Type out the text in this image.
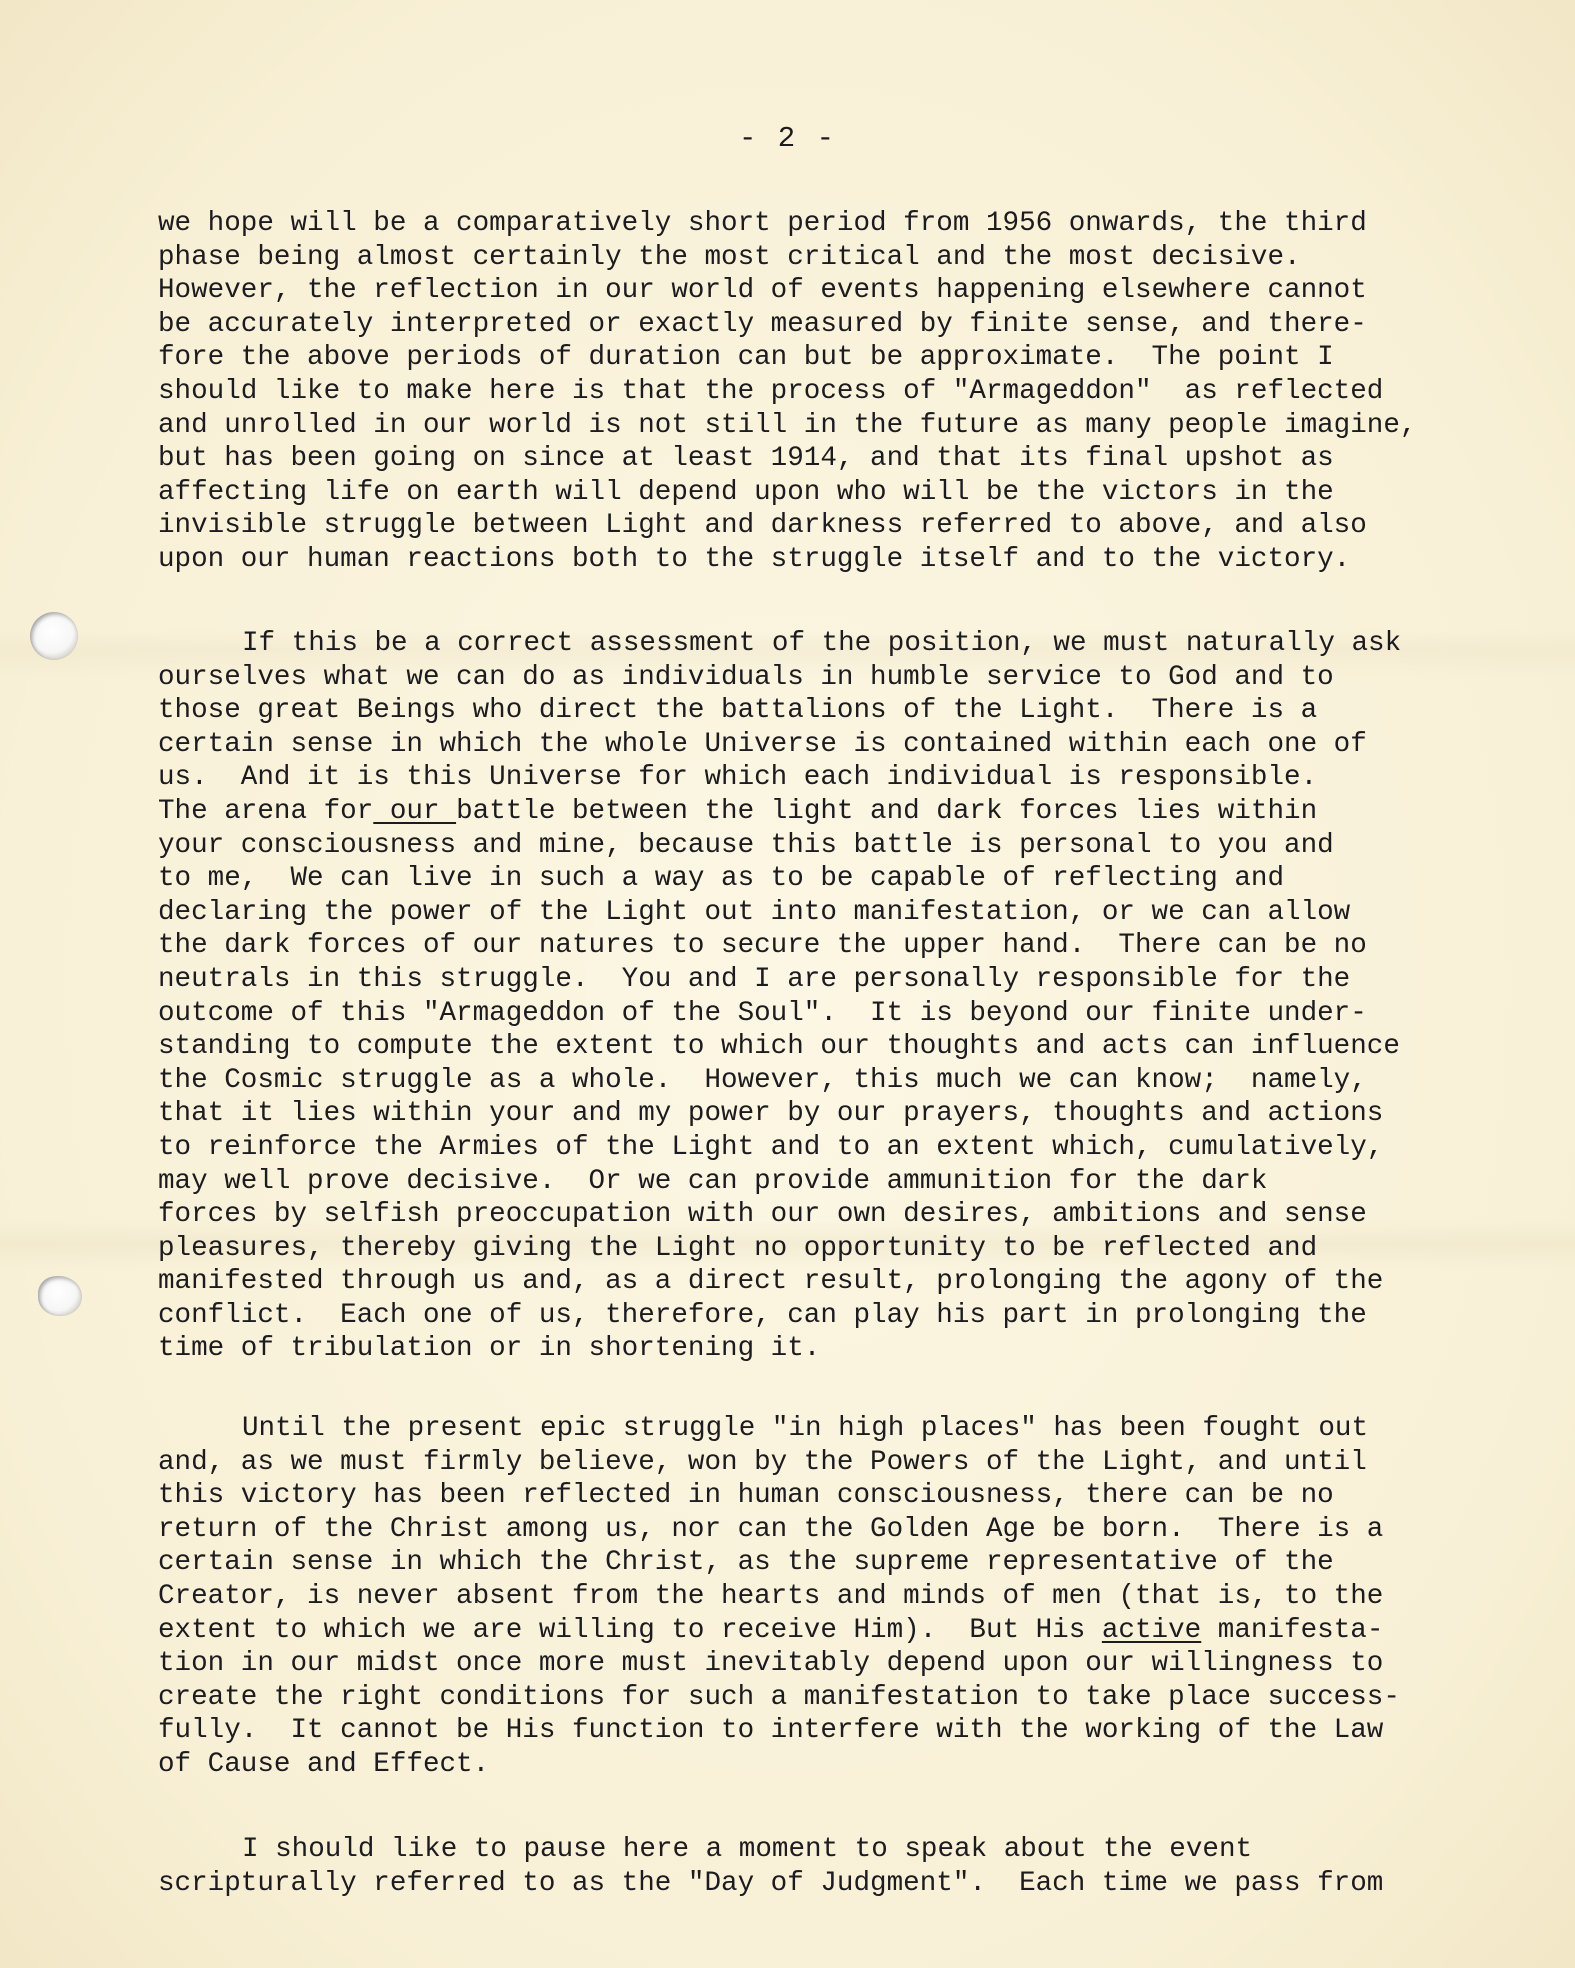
- 2 -
we hope will be a comparatively short period from 1956 onwards, the third
phase being almost certainly the most critical and the most decisive.
However, the reflection in our world of events happening elsewhere cannot
be accurately interpreted or exactly measured by finite sense, and there-
fore the above periods of duration can but be approximate.  The point I
should like to make here is that the process of "Armageddon"  as reflected
and unrolled in our world is not still in the future as many people imagine,
but has been going on since at least 1914, and that its final upshot as
affecting life on earth will depend upon who will be the victors in the
invisible struggle between Light and darkness referred to above, and also
upon our human reactions both to the struggle itself and to the victory.
If this be a correct assessment of the position, we must naturally ask
ourselves what we can do as individuals in humble service to God and to
those great Beings who direct the battalions of the Light.  There is a
certain sense in which the whole Universe is contained within each one of
us.  And it is this Universe for which each individual is responsible.
The arena for our battle between the light and dark forces lies within
your consciousness and mine, because this battle is personal to you and
to me,  We can live in such a way as to be capable of reflecting and
declaring the power of the Light out into manifestation, or we can allow
the dark forces of our natures to secure the upper hand.  There can be no
neutrals in this struggle.  You and I are personally responsible for the
outcome of this "Armageddon of the Soul".  It is beyond our finite under-
standing to compute the extent to which our thoughts and acts can influence
the Cosmic struggle as a whole.  However, this much we can know;  namely,
that it lies within your and my power by our prayers, thoughts and actions
to reinforce the Armies of the Light and to an extent which, cumulatively,
may well prove decisive.  Or we can provide ammunition for the dark
forces by selfish preoccupation with our own desires, ambitions and sense
pleasures, thereby giving the Light no opportunity to be reflected and
manifested through us and, as a direct result, prolonging the agony of the
conflict.  Each one of us, therefore, can play his part in prolonging the
time of tribulation or in shortening it.
Until the present epic struggle "in high places" has been fought out
and, as we must firmly believe, won by the Powers of the Light, and until
this victory has been reflected in human consciousness, there can be no
return of the Christ among us, nor can the Golden Age be born.  There is a
certain sense in which the Christ, as the supreme representative of the
Creator, is never absent from the hearts and minds of men (that is, to the
extent to which we are willing to receive Him).  But His active manifesta-
tion in our midst once more must inevitably depend upon our willingness to
create the right conditions for such a manifestation to take place success-
fully.  It cannot be His function to interfere with the working of the Law
of Cause and Effect.
I should like to pause here a moment to speak about the event
scripturally referred to as the "Day of Judgment".  Each time we pass from
